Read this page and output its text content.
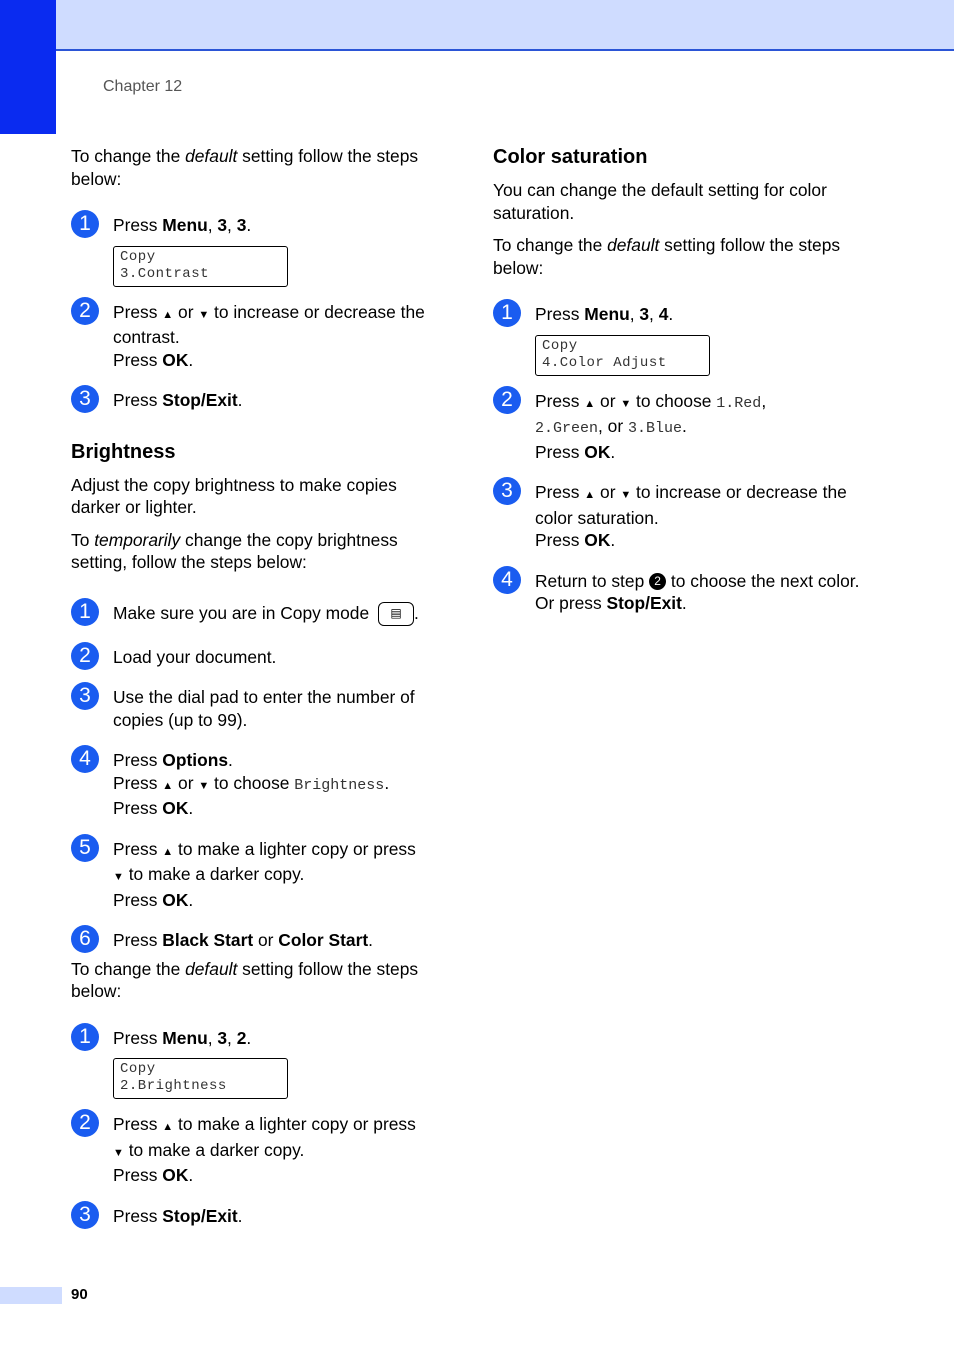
Chapter 12

To change the default setting follow the steps below:

1	Press Menu, 3, 3.
Copy
3.Contrast
2	Press ▲ or ▼ to increase or decrease the contrast.
Press OK.
3	Press Stop/Exit.
Brightness

Adjust the copy brightness to make copies darker or lighter.

To temporarily change the copy brightness setting, follow the steps below:

1	Make sure you are in Copy mode ▤ .
2	Load your document.
3	Use the dial pad to enter the number of copies (up to 99).
4	Press Options.
Press ▲ or ▼ to choose Brightness.
Press OK.
5	Press ▲ to make a lighter copy or press
▼ to make a darker copy.
Press OK.
6	Press Black Start or Color Start.

To change the default setting follow the steps below:

1	Press Menu, 3, 2.
Copy
2.Brightness
2	Press ▲ to make a lighter copy or press
▼ to make a darker copy.
Press OK.
3	Press Stop/Exit.
Color saturation

You can change the default setting for color saturation.

To change the default setting follow the steps below:

1	Press Menu, 3, 4.
Copy
4.Color Adjust
2	Press ▲ or ▼ to choose 1.Red,
2.Green, or 3.Blue.
Press OK.
3	Press ▲ or ▼ to increase or decrease the color saturation.
Press OK.
4	Return to step 2 to choose the next color. Or press Stop/Exit.
90
